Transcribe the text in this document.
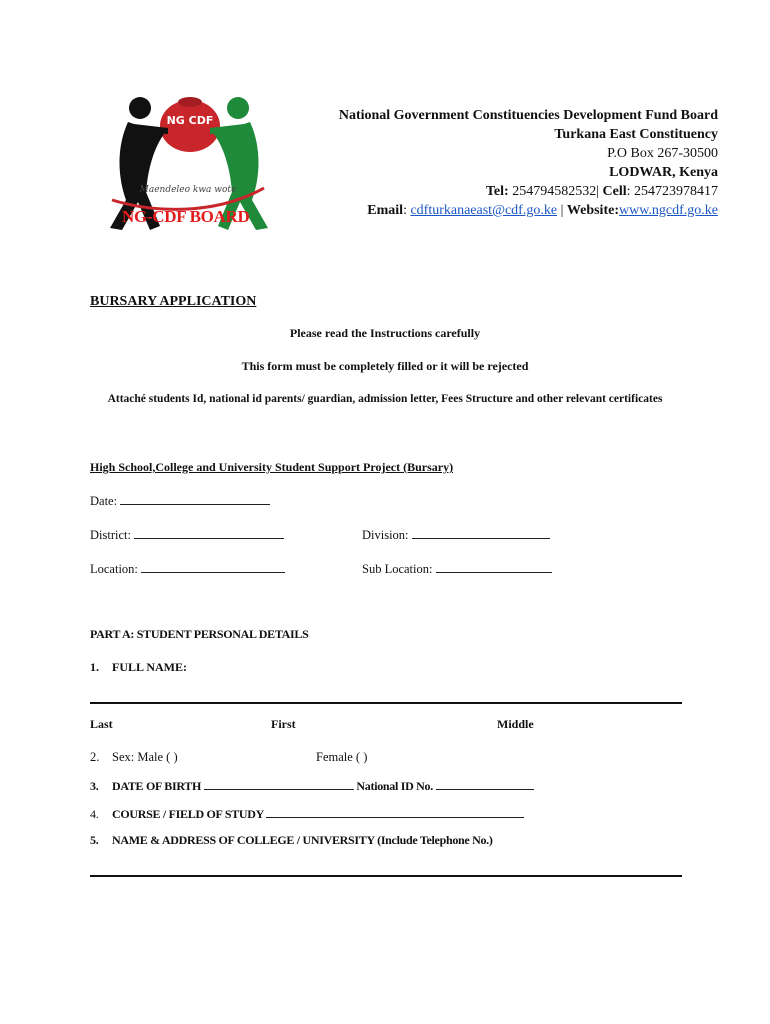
NG CDF
Maendeleo kwa wote
NG-CDF BOARD
National Government Constituencies Development Fund Board
Turkana East Constituency
P.O Box 267-30500
LODWAR, Kenya
Tel: 254794582532| Cell: 254723978417
Email: cdfturkanaeast@cdf.go.ke | Website:www.ngcdf.go.ke
BURSARY APPLICATION
Please read the Instructions carefully
This form must be completely filled or it will be rejected
Attaché students Id, national id parents/ guardian, admission letter, Fees Structure and other relevant certificates
High School,College and University Student Support Project (Bursary)
Date:
District:	Division:
Location:	Sub Location:
PART A: STUDENT PERSONAL DETAILS
1. FULL NAME:
Last	First	Middle
2. Sex: Male ( )	Female ( )
3. DATE OF BIRTH	National ID No.
4. COURSE / FIELD OF STUDY
5. NAME & ADDRESS OF COLLEGE / UNIVERSITY (Include Telephone No.)
